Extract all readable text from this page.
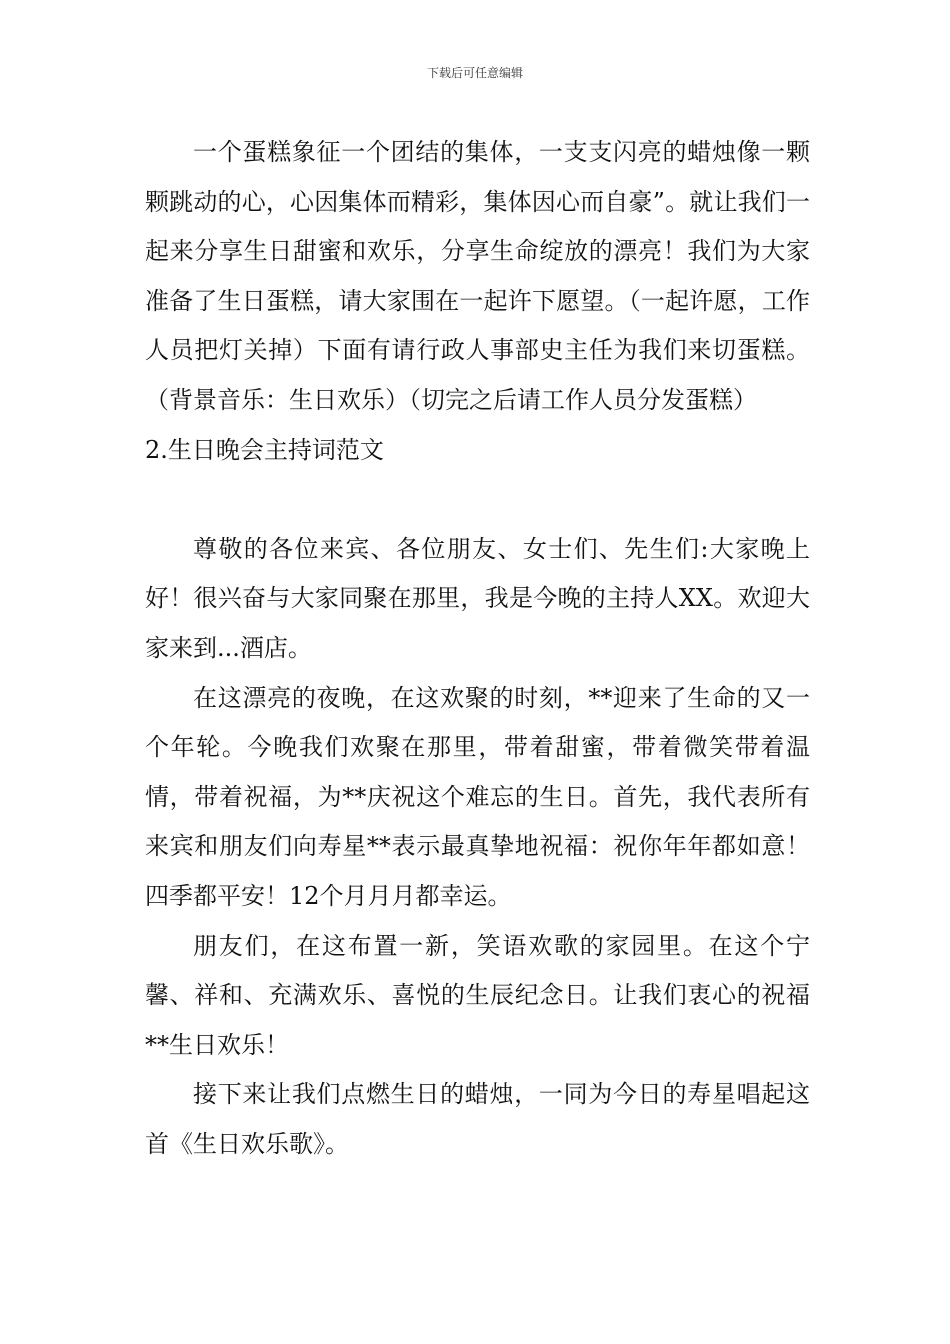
下载后可任意编辑

一个蛋糕象征一个团结的集体，一支支闪亮的蜡烛像一颗颗跳动的心，心因集体而精彩，集体因心而自豪”。就让我们一起来分享生日甜蜜和欢乐，分享生命绽放的漂亮！我们为大家准备了生日蛋糕，请大家围在一起许下愿望。（一起许愿，工作人员把灯关掉）下面有请行政人事部史主任为我们来切蛋糕。（背景音乐：生日欢乐）（切完之后请工作人员分发蛋糕）

2.生日晚会主持词范文

尊敬的各位来宾、各位朋友、女士们、先生们:大家晚上好！很兴奋与大家同聚在那里，我是今晚的主持人XX。欢迎大家来到...酒店。

在这漂亮的夜晚，在这欢聚的时刻，**迎来了生命的又一个年轮。今晚我们欢聚在那里，带着甜蜜，带着微笑带着温情，带着祝福，为**庆祝这个难忘的生日。首先，我代表所有来宾和朋友们向寿星**表示最真挚地祝福：祝你年年都如意！四季都平安！12个月月月都幸运。

朋友们，在这布置一新，笑语欢歌的家园里。在这个宁馨、祥和、充满欢乐、喜悦的生辰纪念日。让我们衷心的祝福**生日欢乐！

接下来让我们点燃生日的蜡烛，一同为今日的寿星唱起这首《生日欢乐歌》。
